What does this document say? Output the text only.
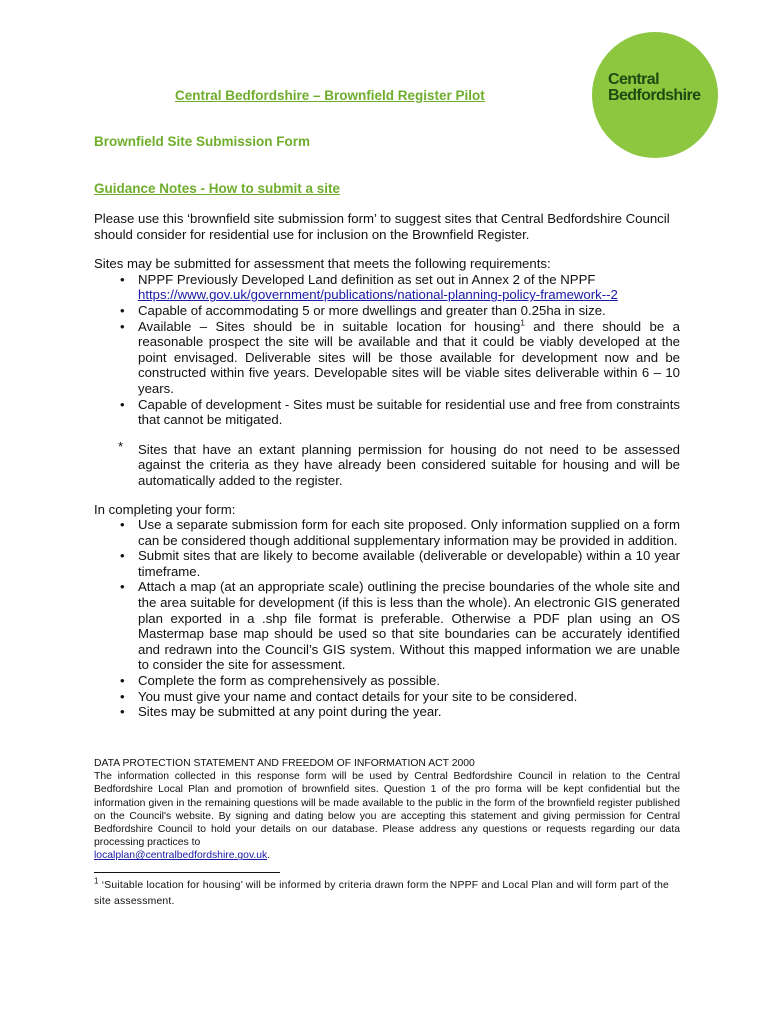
Central
Bedfordshire
Central Bedfordshire – Brownfield Register Pilot
Brownfield Site Submission Form
Guidance Notes - How to submit a site

Please use this ‘brownfield site submission form’ to suggest sites that Central Bedfordshire Council should consider for residential use for inclusion on the Brownfield Register.

Sites may be submitted for assessment that meets the following requirements:

• NPPF Previously Developed Land definition as set out in Annex 2 of the NPPF
https://www.gov.uk/government/publications/national-planning-policy-framework--2
• Capable of accommodating 5 or more dwellings and greater than 0.25ha in size.
• Available – Sites should be in suitable location for housing$^1$ and there should be a reasonable prospect the site will be available and that it could be viably developed at the point envisaged. Deliverable sites will be those available for development now and be constructed within five years. Developable sites will be viable sites deliverable within 6 – 10 years.
• Capable of development - Sites must be suitable for residential use and free from constraints that cannot be mitigated.

* Sites that have an extant planning permission for housing do not need to be assessed against the criteria as they have already been considered suitable for housing and will be automatically added to the register.

In completing your form:

• Use a separate submission form for each site proposed. Only information supplied on a form can be considered though additional supplementary information may be provided in addition.
• Submit sites that are likely to become available (deliverable or developable) within a 10 year timeframe.
• Attach a map (at an appropriate scale) outlining the precise boundaries of the whole site and the area suitable for development (if this is less than the whole). An electronic GIS generated plan exported in a .shp file format is preferable. Otherwise a PDF plan using an OS Mastermap base map should be used so that site boundaries can be accurately identified and redrawn into the Council’s GIS system. Without this mapped information we are unable to consider the site for assessment.
• Complete the form as comprehensively as possible.
• You must give your name and contact details for your site to be considered.
• Sites may be submitted at any point during the year.

DATA PROTECTION STATEMENT AND FREEDOM OF INFORMATION ACT 2000

The information collected in this response form will be used by Central Bedfordshire Council in relation to the Central Bedfordshire Local Plan and promotion of brownfield sites. Question 1 of the pro forma will be kept confidential but the information given in the remaining questions will be made available to the public in the form of the brownfield register published on the Council's website. By signing and dating below you are accepting this statement and giving permission for Central Bedfordshire Council to hold your details on our database. Please address any questions or requests regarding our data processing practices to
localplan@centralbedfordshire.gov.uk.

$^1$ ‘Suitable location for housing’ will be informed by criteria drawn form the NPPF and Local Plan and will form part of the site assessment.
